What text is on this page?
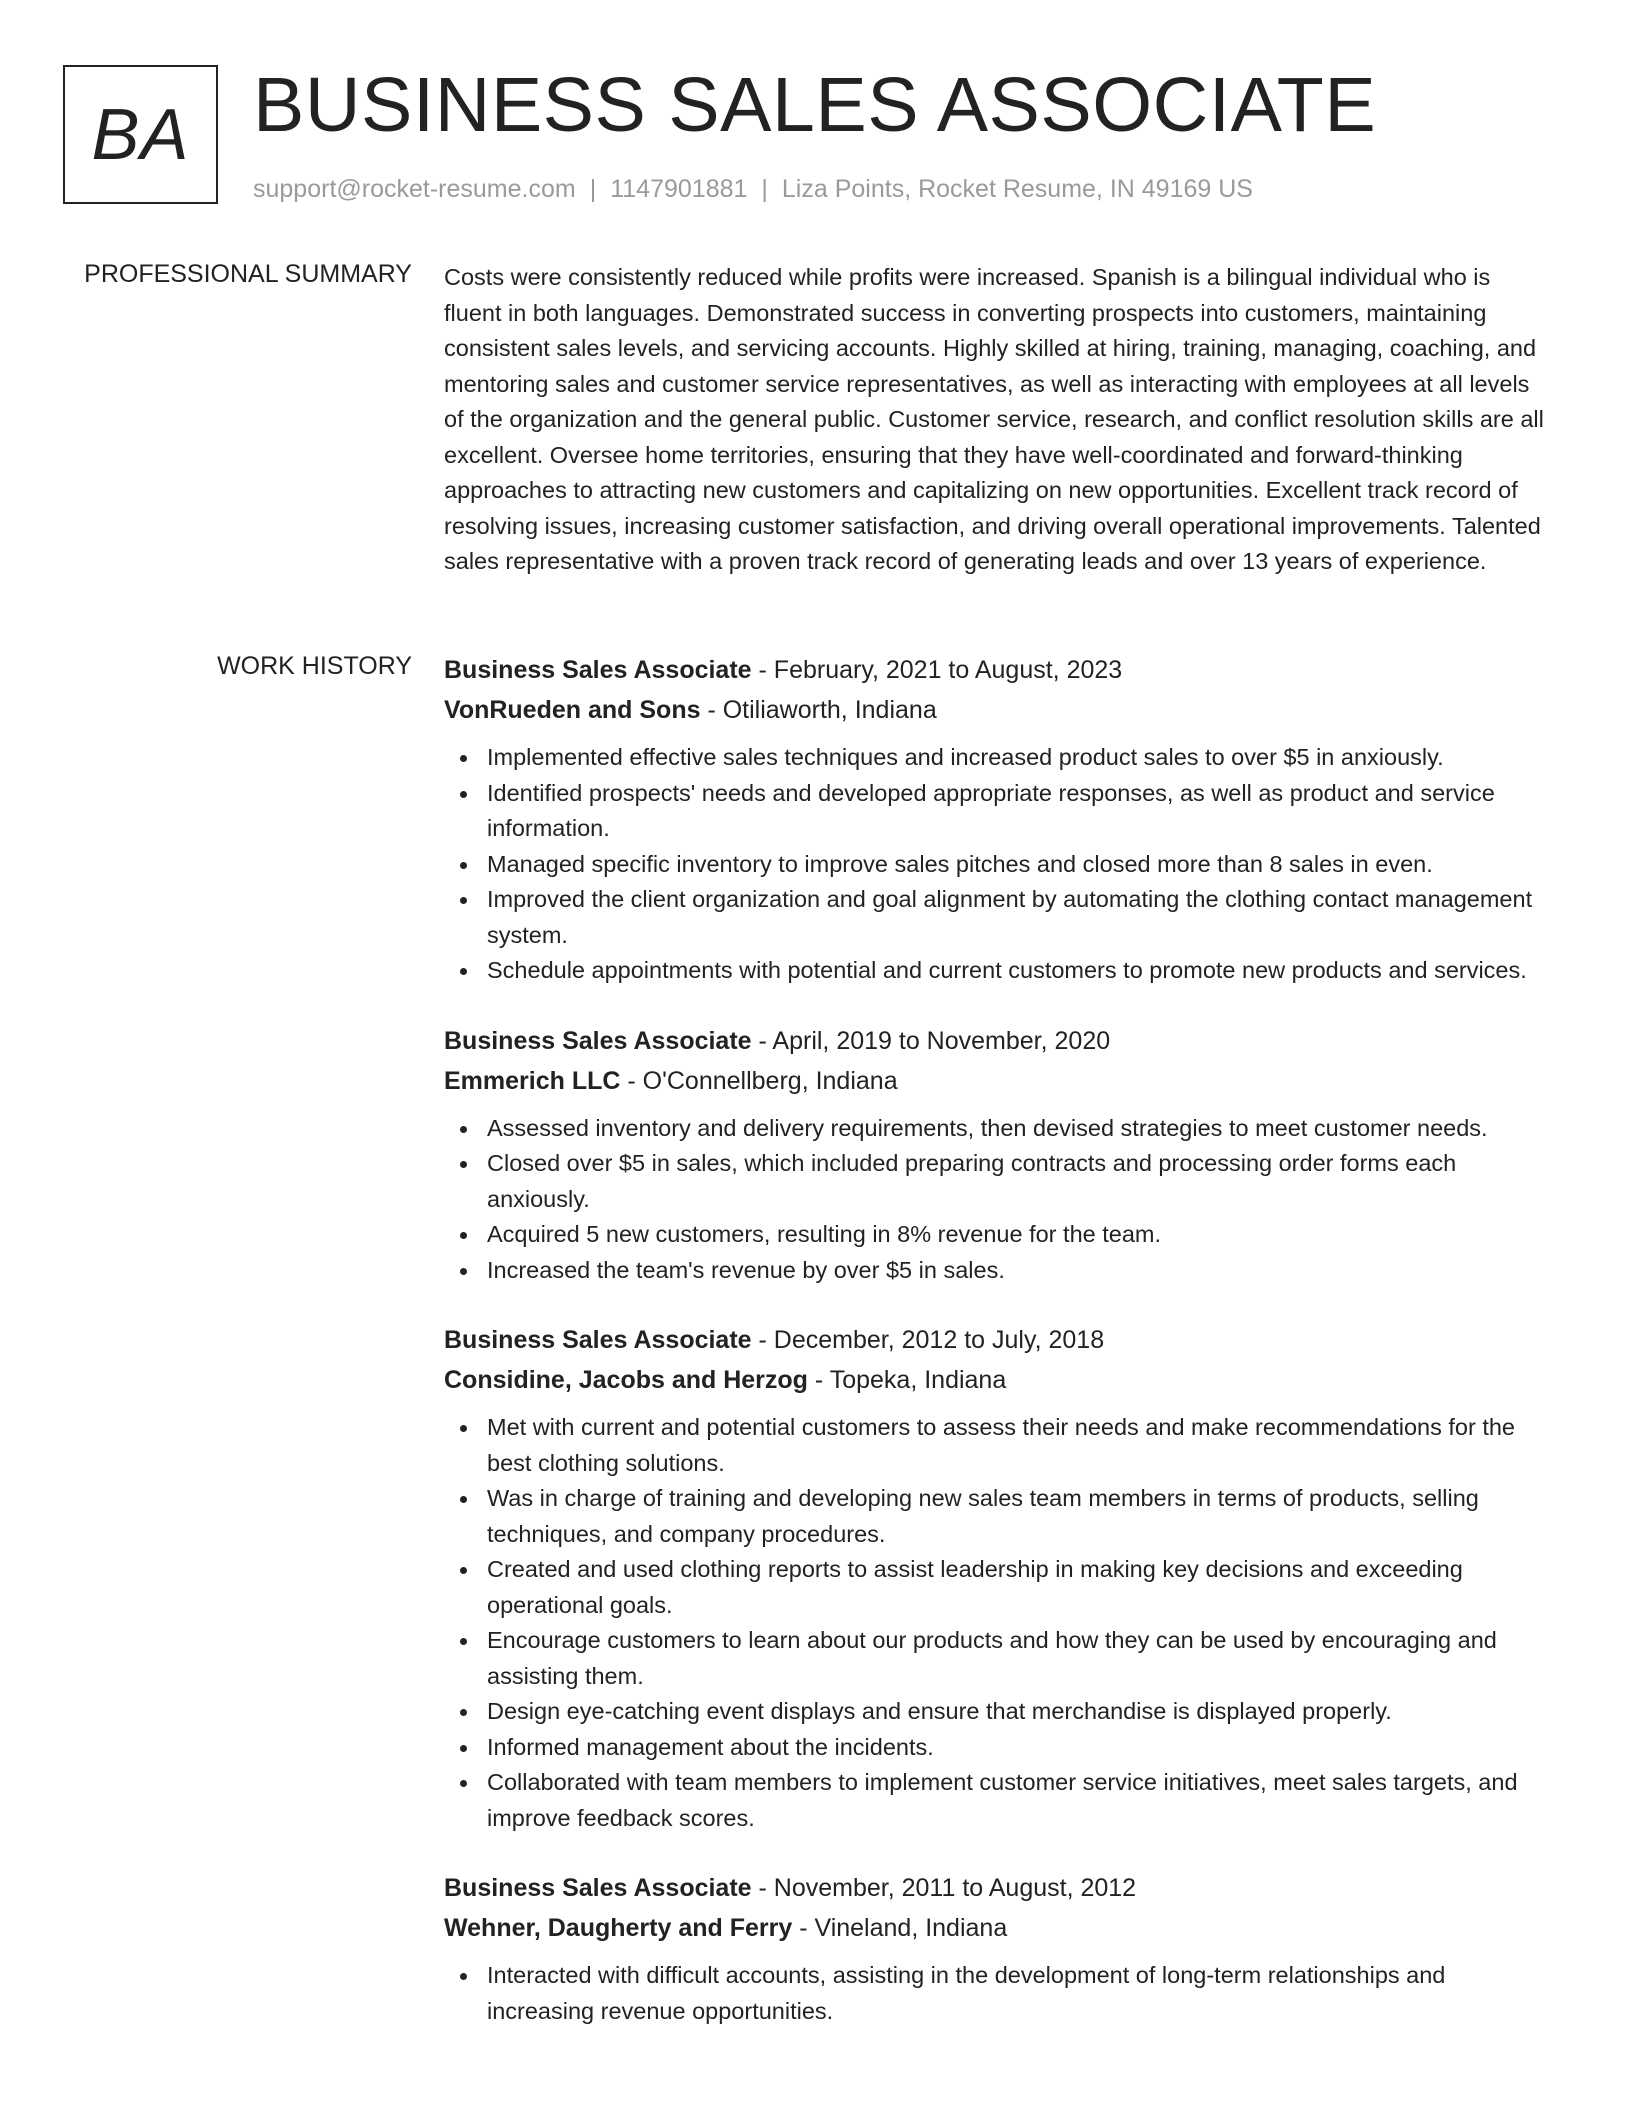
BA BUSINESS SALES ASSOCIATE
support@rocket-resume.com | 1147901881 | Liza Points, Rocket Resume, IN 49169 US
PROFESSIONAL SUMMARY Costs were consistently reduced while profits were increased. Spanish is a bilingual individual who is fluent in both languages. Demonstrated success in converting prospects into customers, maintaining consistent sales levels, and servicing accounts. Highly skilled at hiring, training, managing, coaching, and mentoring sales and customer service representatives, as well as interacting with employees at all levels of the organization and the general public. Customer service, research, and conflict resolution skills are all excellent. Oversee home territories, ensuring that they have well-coordinated and forward-thinking approaches to attracting new customers and capitalizing on new opportunities. Excellent track record of resolving issues, increasing customer satisfaction, and driving overall operational improvements. Talented sales representative with a proven track record of generating leads and over 13 years of experience.

WORK HISTORY Business Sales Associate - February, 2021 to August, 2023
VonRueden and Sons - Otiliaworth, Indiana
Implemented effective sales techniques and increased product sales to over $5 in anxiously.
Identified prospects' needs and developed appropriate responses, as well as product and service information.
Managed specific inventory to improve sales pitches and closed more than 8 sales in even.
Improved the client organization and goal alignment by automating the clothing contact management system.
Schedule appointments with potential and current customers to promote new products and services.
Business Sales Associate - April, 2019 to November, 2020
Emmerich LLC - O'Connellberg, Indiana
Assessed inventory and delivery requirements, then devised strategies to meet customer needs.
Closed over $5 in sales, which included preparing contracts and processing order forms each anxiously.
Acquired 5 new customers, resulting in 8% revenue for the team.
Increased the team's revenue by over $5 in sales.
Business Sales Associate - December, 2012 to July, 2018
Considine, Jacobs and Herzog - Topeka, Indiana
Met with current and potential customers to assess their needs and make recommendations for the best clothing solutions.
Was in charge of training and developing new sales team members in terms of products, selling techniques, and company procedures.
Created and used clothing reports to assist leadership in making key decisions and exceeding operational goals.
Encourage customers to learn about our products and how they can be used by encouraging and assisting them.
Design eye-catching event displays and ensure that merchandise is displayed properly.
Informed management about the incidents.
Collaborated with team members to implement customer service initiatives, meet sales targets, and improve feedback scores.
Business Sales Associate - November, 2011 to August, 2012
Wehner, Daugherty and Ferry - Vineland, Indiana
Interacted with difficult accounts, assisting in the development of long-term relationships and increasing revenue opportunities.
